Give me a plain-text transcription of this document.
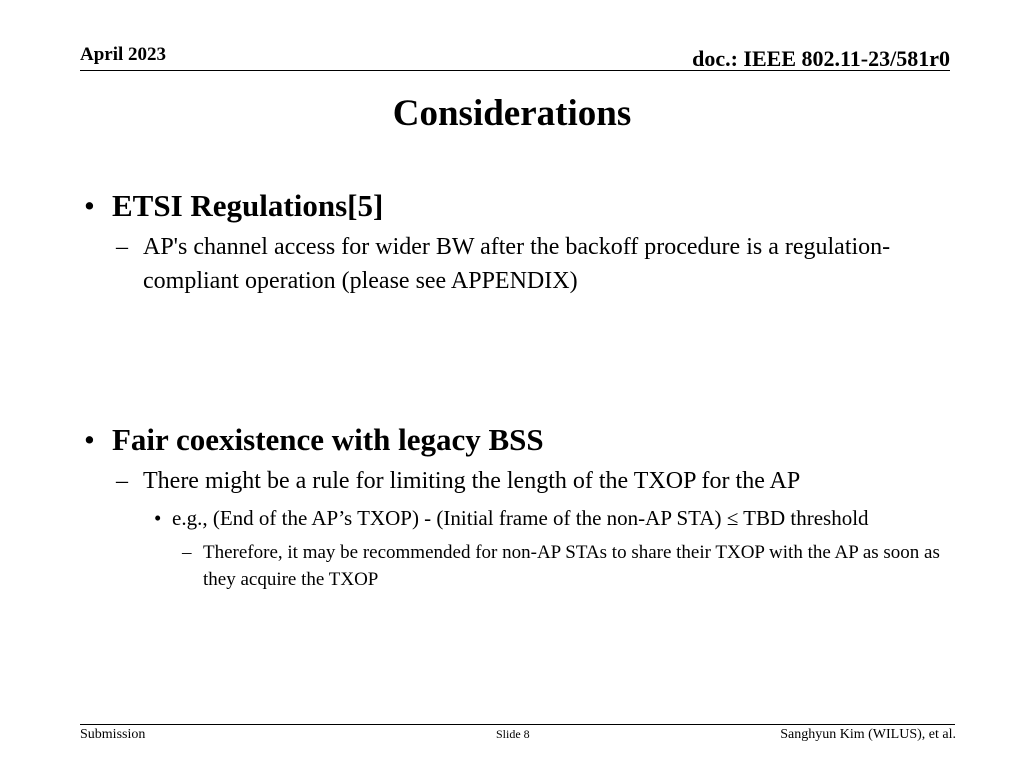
April 2023	doc.: IEEE 802.11-23/581r0
Considerations
• ETSI Regulations[5]
– AP's channel access for wider BW after the backoff procedure is a regulation-compliant operation (please see APPENDIX)
• Fair coexistence with legacy BSS
– There might be a rule for limiting the length of the TXOP for the AP
• e.g., (End of the AP’s TXOP) - (Initial frame of the non-AP STA) ≤ TBD threshold
– Therefore, it may be recommended for non-AP STAs to share their TXOP with the AP as soon as they acquire the TXOP
Submission	Slide 8	Sanghyun Kim (WILUS), et al.
